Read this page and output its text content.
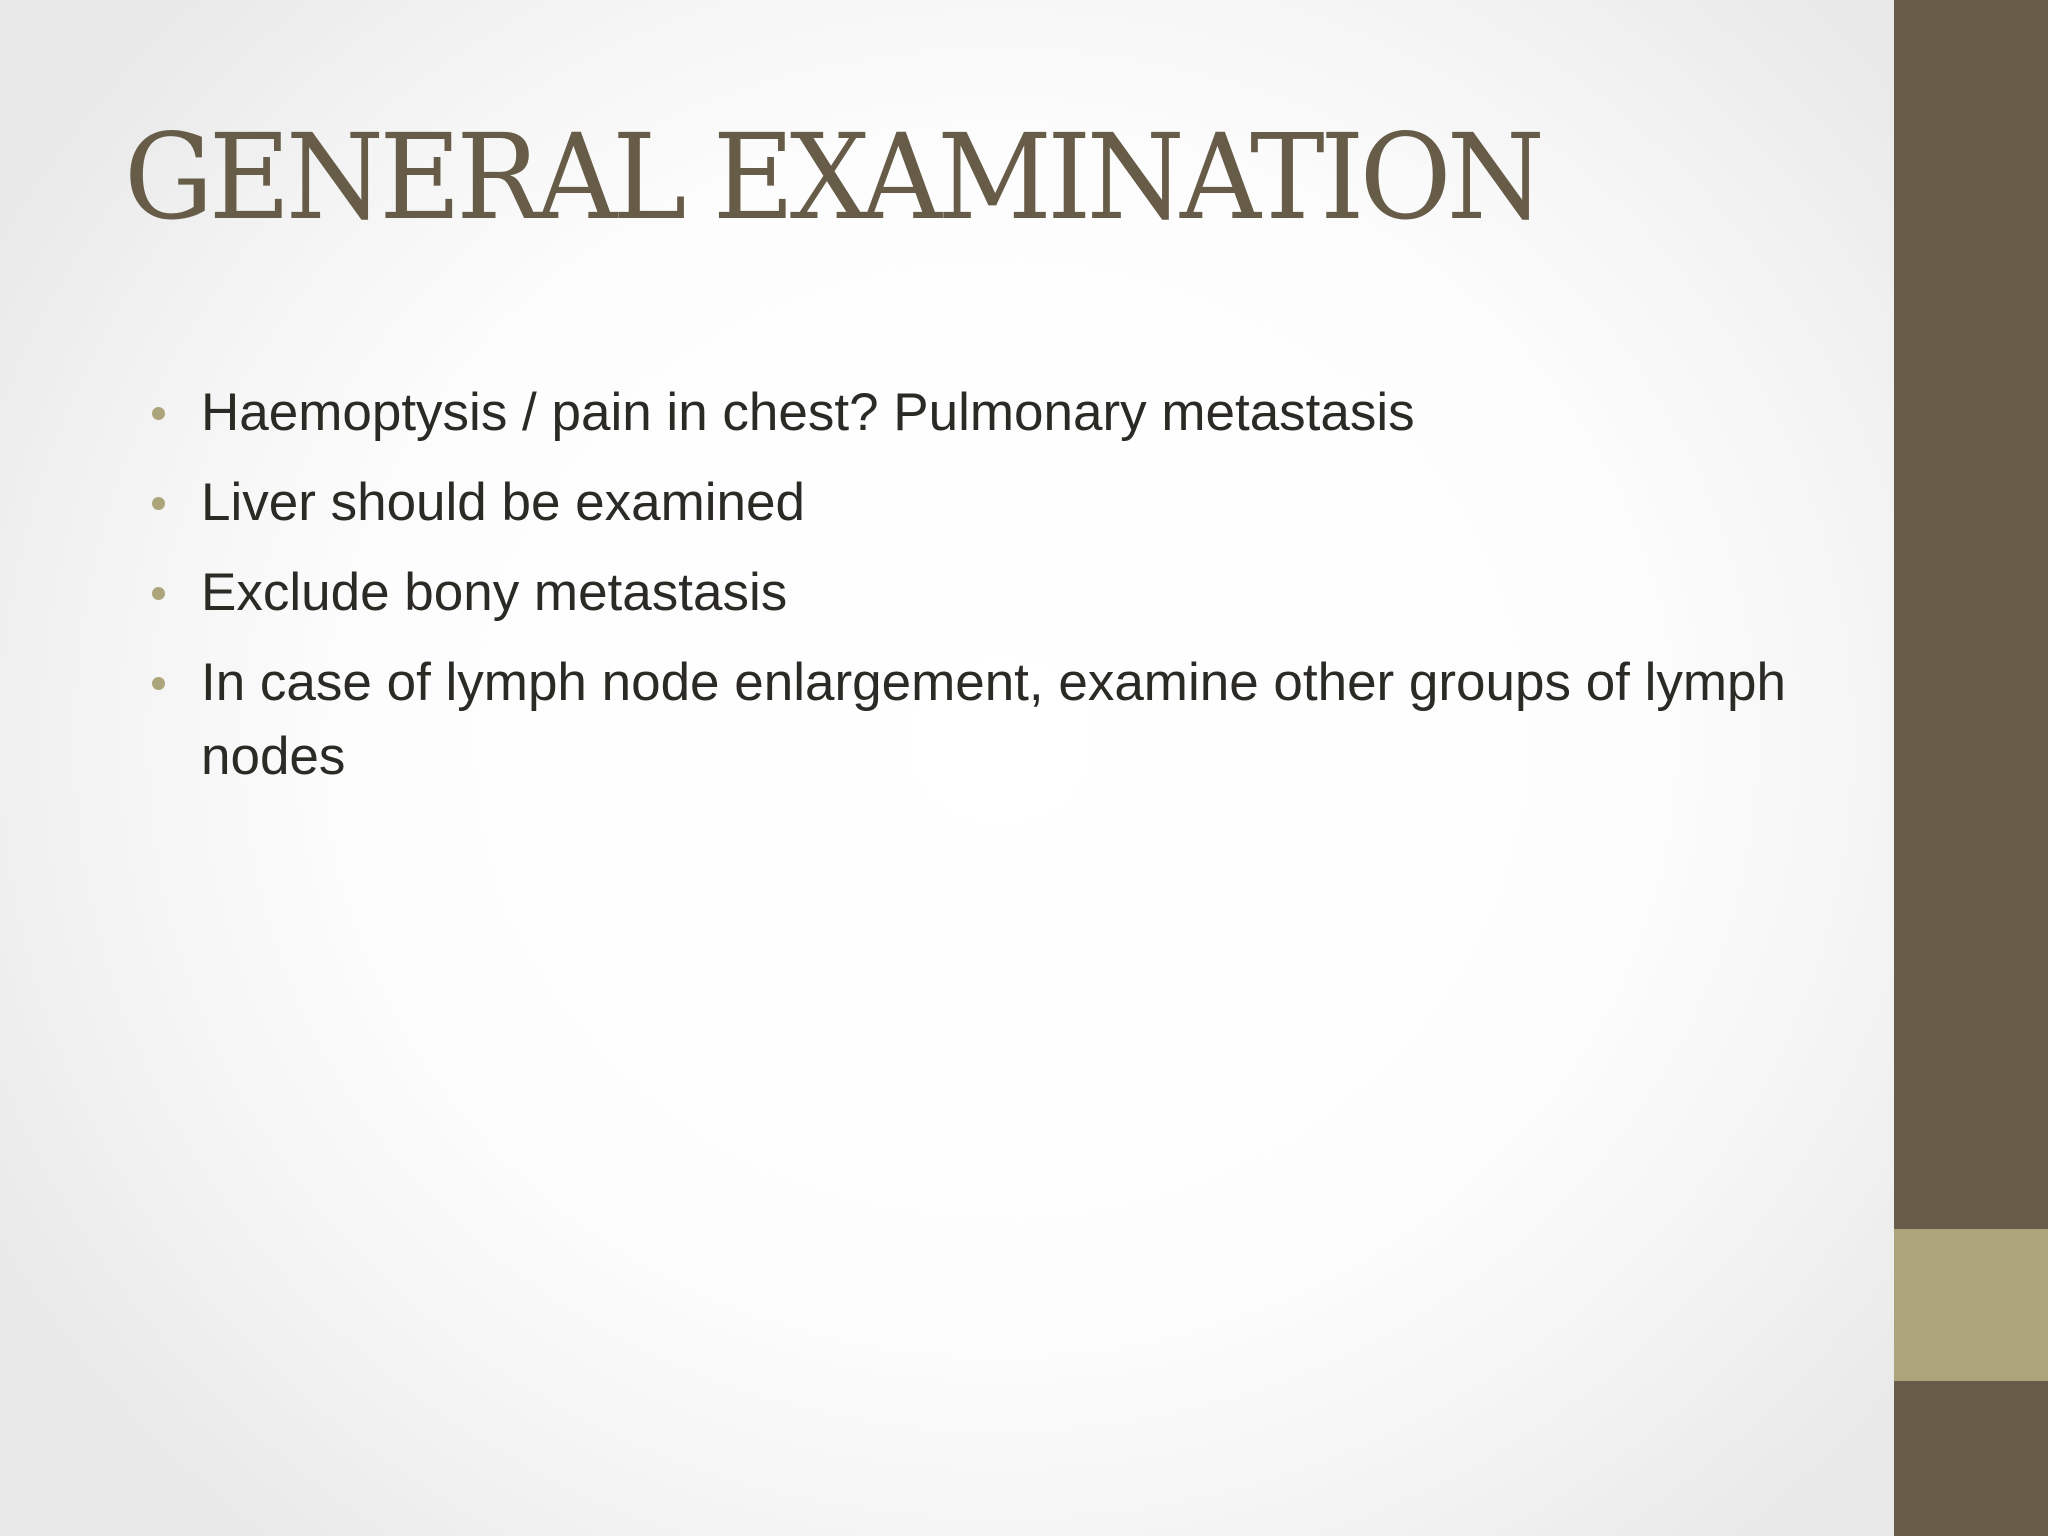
GENERAL EXAMINATION
Haemoptysis / pain in chest? Pulmonary metastasis
Liver should be examined
Exclude bony metastasis
In case of lymph node enlargement, examine other groups of lymph nodes
